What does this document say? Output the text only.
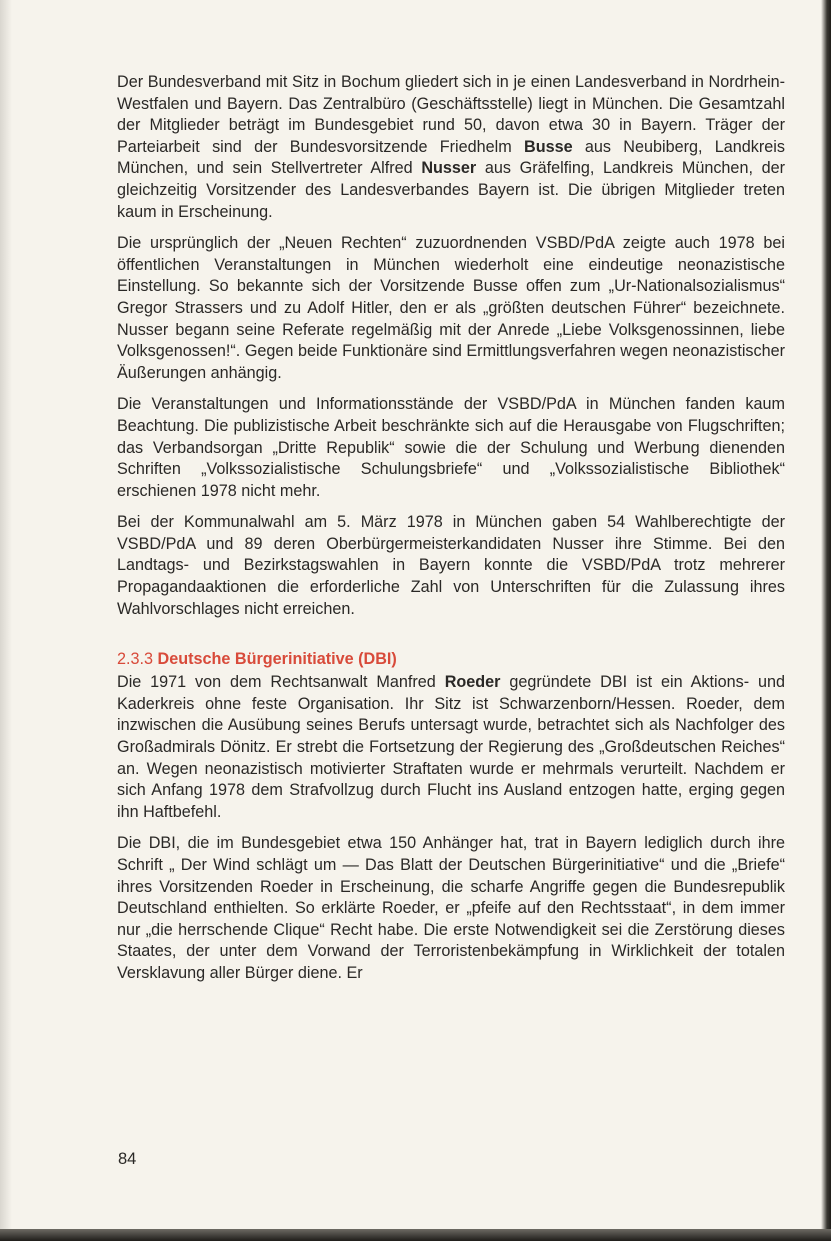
Der Bundesverband mit Sitz in Bochum gliedert sich in je einen Landesverband in Nordrhein-Westfalen und Bayern. Das Zentralbüro (Geschäftsstelle) liegt in München. Die Gesamtzahl der Mitglieder beträgt im Bundesgebiet rund 50, davon etwa 30 in Bayern. Träger der Parteiarbeit sind der Bundesvorsitzende Friedhelm Busse aus Neubiberg, Landkreis München, und sein Stellvertreter Alfred Nusser aus Gräfelfing, Landkreis München, der gleichzeitig Vorsitzender des Landesverbandes Bayern ist. Die übrigen Mitglieder treten kaum in Erscheinung.

Die ursprünglich der „Neuen Rechten“ zuzuordnenden VSBD/PdA zeigte auch 1978 bei öffentlichen Veranstaltungen in München wiederholt eine eindeutige neonazistische Einstellung. So bekannte sich der Vorsitzende Busse offen zum „Ur-Nationalsozialismus“ Gregor Strassers und zu Adolf Hitler, den er als „größten deutschen Führer“ bezeichnete. Nusser begann seine Referate regelmäßig mit der Anrede „Liebe Volksgenossinnen, liebe Volksgenossen!“. Gegen beide Funktionäre sind Ermittlungsverfahren wegen neonazistischer Äußerungen anhängig.

Die Veranstaltungen und Informationsstände der VSBD/PdA in München fanden kaum Beachtung. Die publizistische Arbeit beschränkte sich auf die Herausgabe von Flugschriften; das Verbandsorgan „Dritte Republik“ sowie die der Schulung und Werbung dienenden Schriften „Volkssozialistische Schulungsbriefe“ und „Volkssozialistische Bibliothek“ erschienen 1978 nicht mehr.

Bei der Kommunalwahl am 5. März 1978 in München gaben 54 Wahlberechtigte der VSBD/PdA und 89 deren Oberbürgermeisterkandidaten Nusser ihre Stimme. Bei den Landtags- und Bezirkstagswahlen in Bayern konnte die VSBD/PdA trotz mehrerer Propagandaaktionen die erforderliche Zahl von Unterschriften für die Zulassung ihres Wahlvorschlages nicht erreichen.

2.3.3 Deutsche Bürgerinitiative (DBI)

Die 1971 von dem Rechtsanwalt Manfred Roeder gegründete DBI ist ein Aktions- und Kaderkreis ohne feste Organisation. Ihr Sitz ist Schwarzenborn/Hessen. Roeder, dem inzwischen die Ausübung seines Berufs untersagt wurde, betrachtet sich als Nachfolger des Großadmirals Dönitz. Er strebt die Fortsetzung der Regierung des „Großdeutschen Reiches“ an. Wegen neonazistisch motivierter Straftaten wurde er mehrmals verurteilt. Nachdem er sich Anfang 1978 dem Strafvollzug durch Flucht ins Ausland entzogen hatte, erging gegen ihn Haftbefehl.

Die DBI, die im Bundesgebiet etwa 150 Anhänger hat, trat in Bayern lediglich durch ihre Schrift „ Der Wind schlägt um — Das Blatt der Deutschen Bürgerinitiative“ und die „Briefe“ ihres Vorsitzenden Roeder in Erscheinung, die scharfe Angriffe gegen die Bundesrepublik Deutschland enthielten. So erklärte Roeder, er „pfeife auf den Rechtsstaat“, in dem immer nur „die herrschende Clique“ Recht habe. Die erste Notwendigkeit sei die Zerstörung dieses Staates, der unter dem Vorwand der Terroristenbekämpfung in Wirklichkeit der totalen Versklavung aller Bürger diene. Er

84
